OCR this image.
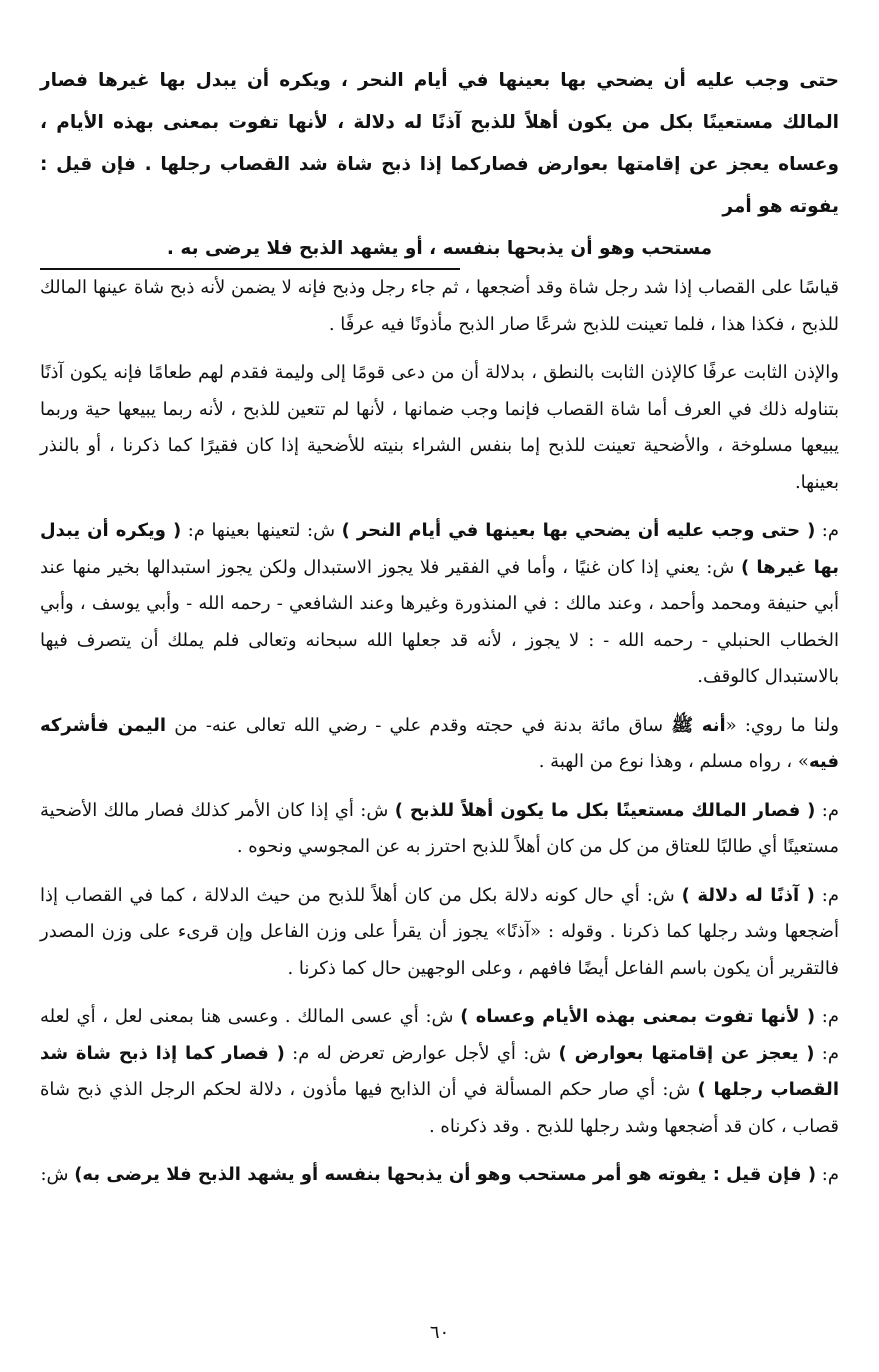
حتى وجب عليه أن يضحي بها بعينها في أيام النحر ، ويكره أن يبدل بها غيرها فصار المالك مستعينًا بكل من يكون أهلاً للذبح آذنًا له دلالة ، لأنها تفوت بمعنى بهذه الأيام ، وعساه يعجز عن إقامتها بعوارض فصاركما إذا ذبح شاة شد القصاب رجلها . فإن قيل : يفوته هو أمر

مستحب وهو أن يذبحها بنفسه ، أو يشهد الذبح فلا يرضى به .

قياسًا على القصاب إذا شد رجل شاة وقد أضجعها ، ثم جاء رجل وذبح فإنه لا يضمن لأنه ذبح شاة عينها المالك للذبح ، فكذا هذا ، فلما تعينت للذبح شرعًا صار الذبح مأذونًا فيه عرفًا .

والإذن الثابت عرفًا كالإذن الثابت بالنطق ، بدلالة أن من دعى قومًا إلى وليمة فقدم لهم طعامًا فإنه يكون آذنًا بتناوله ذلك في العرف أما شاة القصاب فإنما وجب ضمانها ، لأنها لم تتعين للذبح ، لأنه ربما يبيعها حية وربما يبيعها مسلوخة ، والأضحية تعينت للذبح إما بنفس الشراء بنيته للأضحية إذا كان فقيرًا كما ذكرنا ، أو بالنذر بعينها.

م: ( حتى وجب عليه أن يضحي بها بعينها في أيام النحر ) ش: لتعينها بعينها م: ( ويكره أن يبدل بها غيرها ) ش: يعني إذا كان غنيًا ، وأما في الفقير فلا يجوز الاستبدال ولكن يجوز استبدالها بخير منها عند أبي حنيفة ومحمد وأحمد ، وعند مالك : في المنذورة وغيرها وعند الشافعي - رحمه الله - وأبي يوسف ، وأبي الخطاب الحنبلي - رحمه الله - : لا يجوز ، لأنه قد جعلها الله سبحانه وتعالى فلم يملك أن يتصرف فيها بالاستبدال كالوقف.

ولنا ما روي: «أنه ﷺ ساق مائة بدنة في حجته وقدم علي - رضي الله تعالى عنه- من اليمن فأشركه فيه» ، رواه مسلم ، وهذا نوع من الهبة .

م: ( فصار المالك مستعينًا بكل ما يكون أهلاً للذبح ) ش: أي إذا كان الأمر كذلك فصار مالك الأضحية مستعينًا أي طالبًا للعتاق من كل من كان أهلاً للذبح احترز به عن المجوسي ونحوه .

م: ( آذنًا له دلالة ) ش: أي حال كونه دلالة بكل من كان أهلاً للذبح من حيث الدلالة ، كما في القصاب إذا أضجعها وشد رجلها كما ذكرنا . وقوله : «آذنًا» يجوز أن يقرأ على وزن الفاعل وإن قرىء على وزن المصدر فالتقرير أن يكون باسم الفاعل أيضًا فافهم ، وعلى الوجهين حال كما ذكرنا .

م: ( لأنها تفوت بمعنى بهذه الأيام وعساه ) ش: أي عسى المالك . وعسى هنا بمعنى لعل ، أي لعله م: ( يعجز عن إقامتها بعوارض ) ش: أي لأجل عوارض تعرض له م: ( فصار كما إذا ذبح شاة شد القصاب رجلها ) ش: أي صار حكم المسألة في أن الذابح فيها مأذون ، دلالة لحكم الرجل الذي ذبح شاة قصاب ، كان قد أضجعها وشد رجلها للذبح . وقد ذكرناه .

م: ( فإن قيل : يفوته هو أمر مستحب وهو أن يذبحها بنفسه أو يشهد الذبح فلا يرضى به) ش:

٦٠
